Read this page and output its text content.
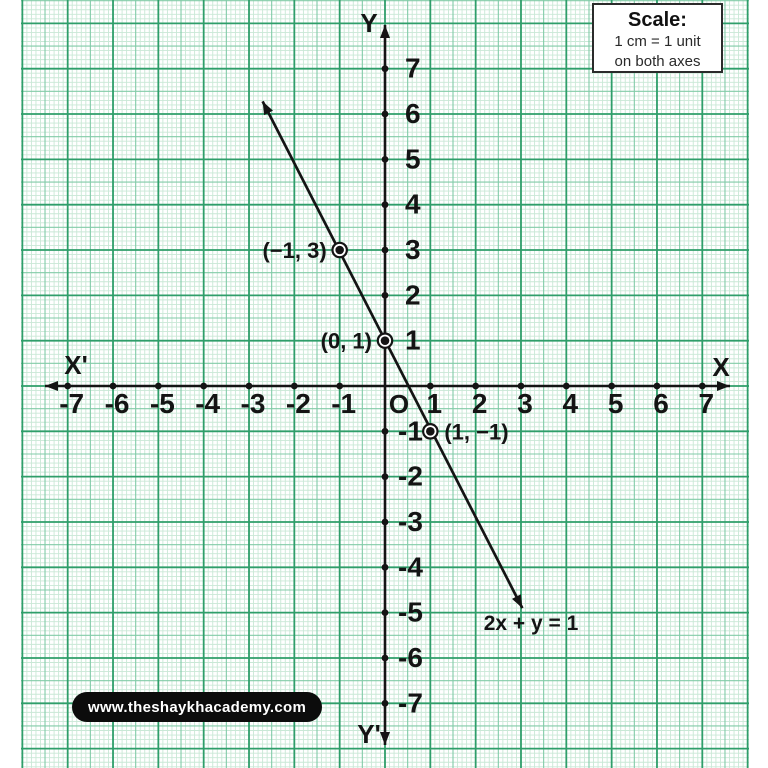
-7 -6 -5 -4 -3 -2 -1	1 2 3 4 5 6 7
-7
-6
-5
-4
-3
-2
-1
1
2
3
4
5
6
7
O
X'	X
Y
Y'
2x + y = 1
(−1, 3)
(0, 1)
(1, −1)
Scale:
1 cm = 1 unit
on both axes
www.theshaykhacademy.com
